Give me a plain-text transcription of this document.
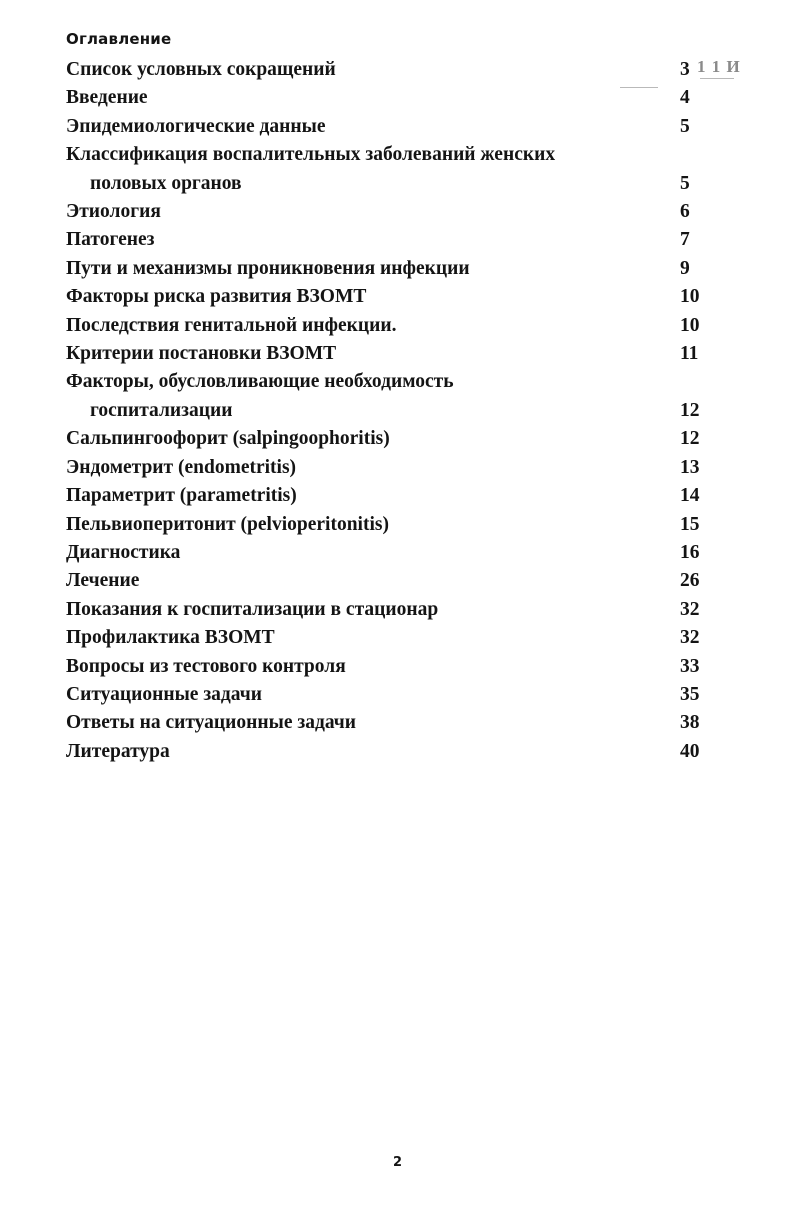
Оглавление
1 1 И
Список условных сокращений	3
Введение	4
Эпидемиологические данные	5
Классификация воспалительных заболеваний женских
половых органов	5
Этиология	6
Патогенез	7
Пути и механизмы проникновения инфекции	9
Факторы риска развития ВЗОМТ	10
Последствия генитальной инфекции.	10
Критерии постановки ВЗОМТ	11
Факторы, обусловливающие необходимость
госпитализации	12
Сальпингоофорит (salpingoophoritis)	12
Эндометрит (endometritis)	13
Параметрит (parametritis)	14
Пельвиоперитонит (pelvioperitonitis)	15
Диагностика	16
Лечение	26
Показания к госпитализации в стационар	32
Профилактика ВЗОМТ	32
Вопросы из тестового контроля	33
Ситуационные задачи	35
Ответы на ситуационные задачи	38
Литература	40
2
